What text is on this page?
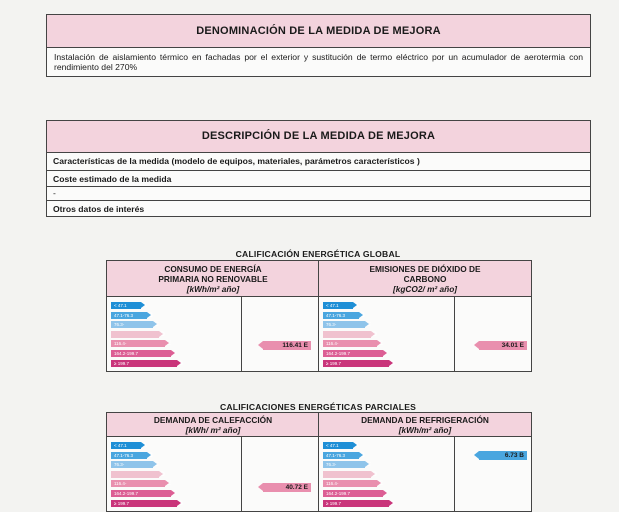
DENOMINACIÓN DE LA MEDIDA DE MEJORA
Instalación de aislamiento térmico en fachadas por el exterior y sustitución de termo eléctrico por un acumulador de aerotermia con rendimiento del 270%
DESCRIPCIÓN DE LA MEDIDA DE MEJORA
Características de la medida (modelo de equipos, materiales, parámetros característicos )
Coste estimado de la medida
-
Otros datos de interés
CALIFICACIÓN ENERGÉTICA GLOBAL
CONSUMO DE ENERGÍA
PRIMARIA NO RENOVABLE
[kWh/m² año]
EMISIONES DE DIÓXIDO DE
CARBONO
[kgCO2/ m² año]
< 47.1 A
47.1-76.3 B
76.3-	C
D
116.4-	E
164.2-199.7	F
≥ 199.7	G
< 47.1 A
47.1-76.3 B
76.3-	C
D
116.4-	E
164.2-199.7	F
≥ 199.7	G
116.41 E	34.01 E
CALIFICACIONES ENERGÉTICAS PARCIALES
DEMANDA DE CALEFACCIÓN
[kWh/ m² año]
DEMANDA DE REFRIGERACIÓN
[kWh/m² año]
< 47.1 A
47.1-76.3 B
76.3-	C
D
116.4-	E
164.2-199.7	F
≥ 199.7	G
< 47.1 A
47.1-76.3 B
76.3-	C
D
116.4-	E
164.2-199.7	F
≥ 199.7	G
40.72 E
6.73 B
